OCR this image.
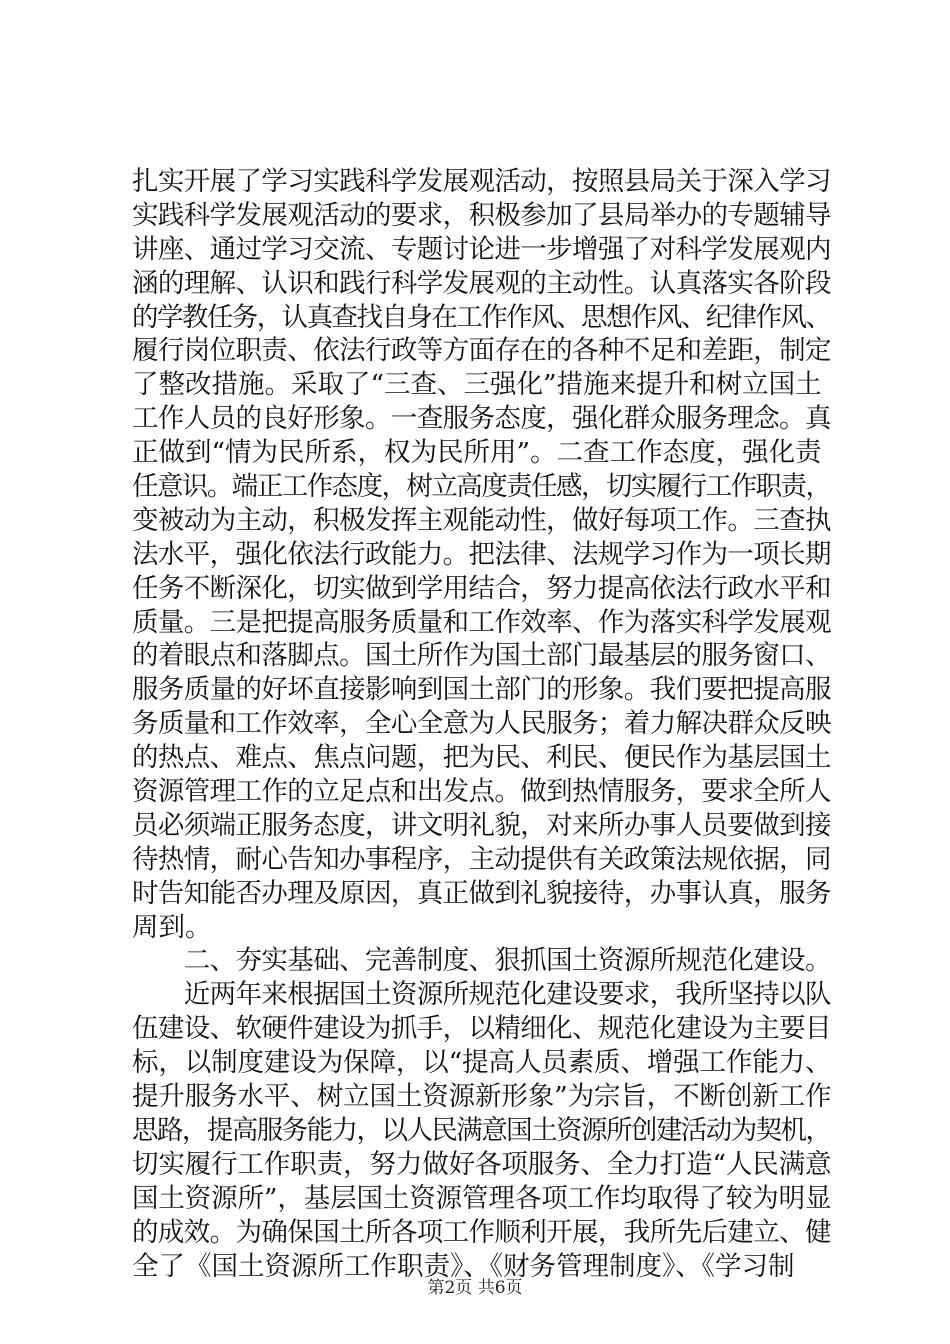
扎实开展了学习实践科学发展观活动，按照县局关于深入学习
实践科学发展观活动的要求，积极参加了县局举办的专题辅导
讲座、通过学习交流、专题讨论进一步增强了对科学发展观内
涵的理解、认识和践行科学发展观的主动性。认真落实各阶段
的学教任务，认真查找自身在工作作风、思想作风、纪律作风、
履行岗位职责、依法行政等方面存在的各种不足和差距，制定
了整改措施。采取了“三查、三强化”措施来提升和树立国土
工作人员的良好形象。一查服务态度，强化群众服务理念。真
正做到“情为民所系，权为民所用”。二查工作态度，强化责
任意识。端正工作态度，树立高度责任感，切实履行工作职责，
变被动为主动，积极发挥主观能动性，做好每项工作。三查执
法水平，强化依法行政能力。把法律、法规学习作为一项长期
任务不断深化，切实做到学用结合，努力提高依法行政水平和
质量。三是把提高服务质量和工作效率、作为落实科学发展观
的着眼点和落脚点。国土所作为国土部门最基层的服务窗口、
服务质量的好坏直接影响到国土部门的形象。我们要把提高服
务质量和工作效率，全心全意为人民服务；着力解决群众反映
的热点、难点、焦点问题，把为民、利民、便民作为基层国土
资源管理工作的立足点和出发点。做到热情服务，要求全所人
员必须端正服务态度，讲文明礼貌，对来所办事人员要做到接
待热情，耐心告知办事程序，主动提供有关政策法规依据，同
时告知能否办理及原因，真正做到礼貌接待，办事认真，服务
周到。
　　二、夯实基础、完善制度、狠抓国土资源所规范化建设。
　　近两年来根据国土资源所规范化建设要求，我所坚持以队
伍建设、软硬件建设为抓手，以精细化、规范化建设为主要目
标，以制度建设为保障，以“提高人员素质、增强工作能力、
提升服务水平、树立国土资源新形象”为宗旨，不断创新工作
思路，提高服务能力，以人民满意国土资源所创建活动为契机，
切实履行工作职责，努力做好各项服务、全力打造“人民满意
国土资源所”，基层国土资源管理各项工作均取得了较为明显
的成效。为确保国土所各项工作顺利开展，我所先后建立、健
全了《国土资源所工作职责》、《财务管理制度》、《学习制
第2页 共6页
